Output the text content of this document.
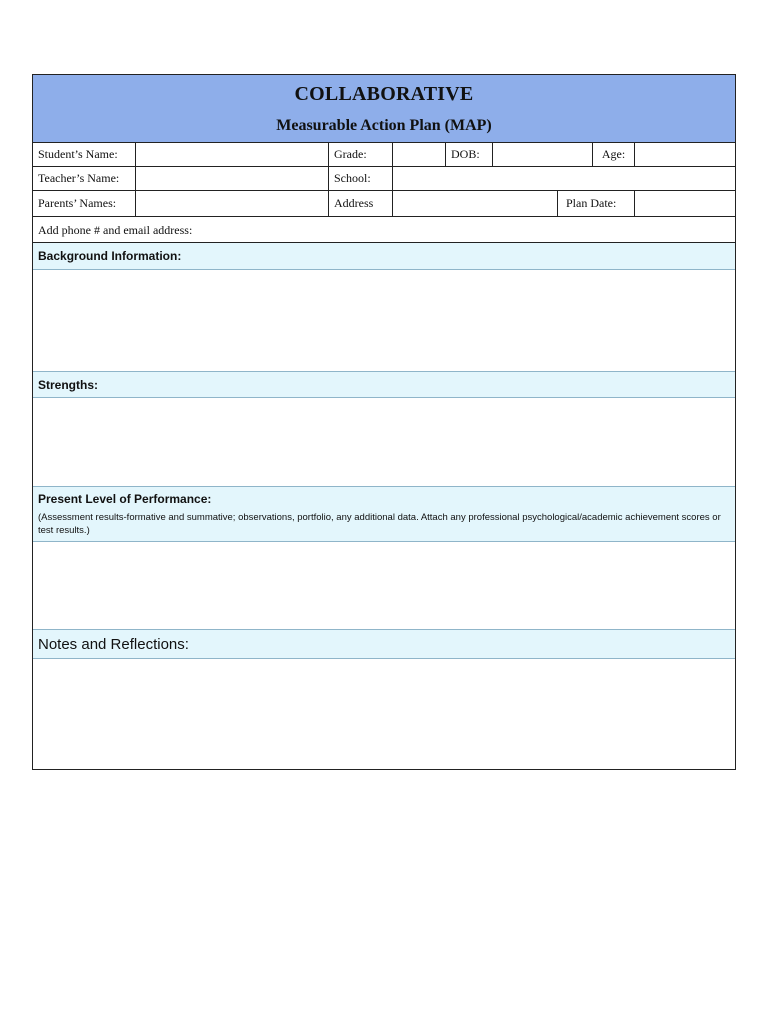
COLLABORATIVE
Measurable Action Plan (MAP)
Student’s Name:	Grade:	DOB:	Age:
Teacher’s Name:	School:
Parents’ Names:	Address	Plan Date:
Add phone # and email address:
Background Information:
Strengths:
Present Level of Performance:
(Assessment results-formative and summative; observations, portfolio, any additional data. Attach any professional psychological/academic achievement scores or test results.)
Notes and Reflections:
